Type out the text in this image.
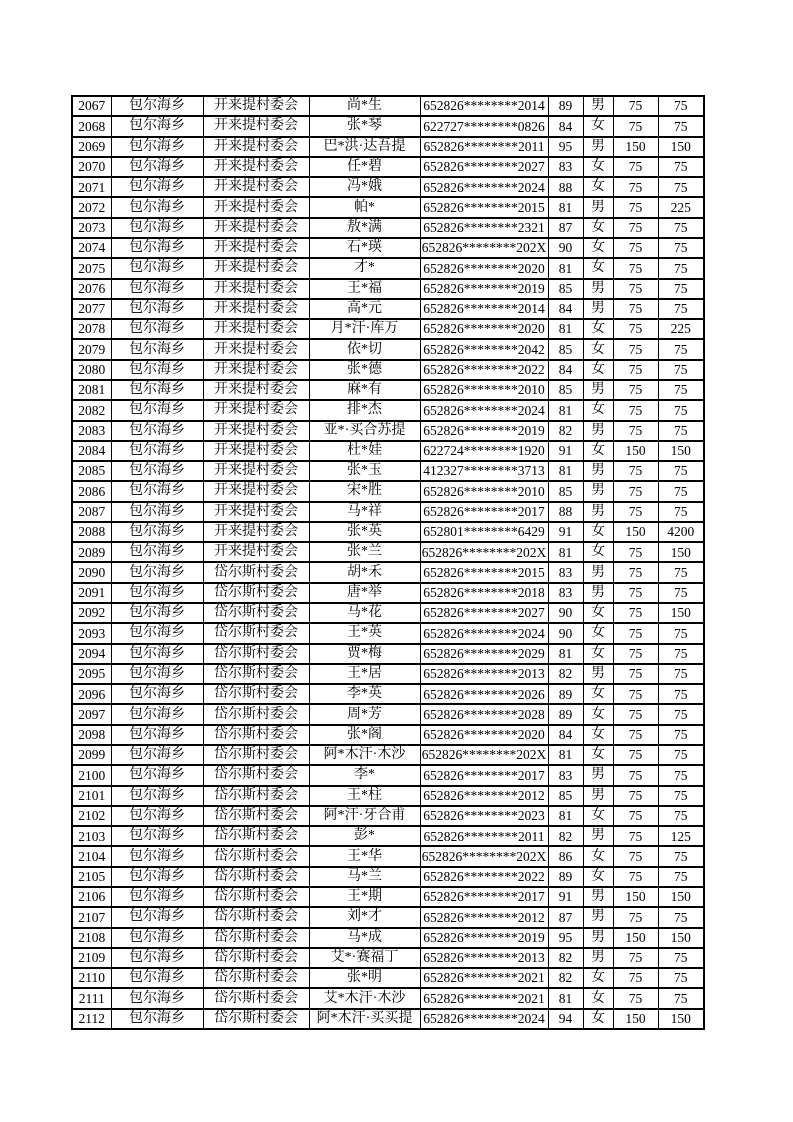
2067	包尔海乡	开来提村委会	尚*生	652826********2014	89	男	75	75
2068	包尔海乡	开来提村委会	张*琴	622727********0826	84	女	75	75
2069	包尔海乡	开来提村委会	巴*洪·达吾提	652826********2011	95	男	150	150
2070	包尔海乡	开来提村委会	任*碧	652826********2027	83	女	75	75
2071	包尔海乡	开来提村委会	冯*娥	652826********2024	88	女	75	75
2072	包尔海乡	开来提村委会	帕*	652826********2015	81	男	75	225
2073	包尔海乡	开来提村委会	敖*满	652826********2321	87	女	75	75
2074	包尔海乡	开来提村委会	石*瑛	652826********202X	90	女	75	75
2075	包尔海乡	开来提村委会	才*	652826********2020	81	女	75	75
2076	包尔海乡	开来提村委会	王*福	652826********2019	85	男	75	75
2077	包尔海乡	开来提村委会	高*元	652826********2014	84	男	75	75
2078	包尔海乡	开来提村委会	月*汗·库万	652826********2020	81	女	75	225
2079	包尔海乡	开来提村委会	依*切	652826********2042	85	女	75	75
2080	包尔海乡	开来提村委会	张*德	652826********2022	84	女	75	75
2081	包尔海乡	开来提村委会	麻*有	652826********2010	85	男	75	75
2082	包尔海乡	开来提村委会	排*杰	652826********2024	81	女	75	75
2083	包尔海乡	开来提村委会	亚*·买合苏提	652826********2019	82	男	75	75
2084	包尔海乡	开来提村委会	杜*娃	622724********1920	91	女	150	150
2085	包尔海乡	开来提村委会	张*玉	412327********3713	81	男	75	75
2086	包尔海乡	开来提村委会	宋*胜	652826********2010	85	男	75	75
2087	包尔海乡	开来提村委会	马*祥	652826********2017	88	男	75	75
2088	包尔海乡	开来提村委会	张*英	652801********6429	91	女	150	4200
2089	包尔海乡	开来提村委会	张*兰	652826********202X	81	女	75	150
2090	包尔海乡	岱尔斯村委会	胡*禾	652826********2015	83	男	75	75
2091	包尔海乡	岱尔斯村委会	唐*举	652826********2018	83	男	75	75
2092	包尔海乡	岱尔斯村委会	马*花	652826********2027	90	女	75	150
2093	包尔海乡	岱尔斯村委会	王*英	652826********2024	90	女	75	75
2094	包尔海乡	岱尔斯村委会	贾*梅	652826********2029	81	女	75	75
2095	包尔海乡	岱尔斯村委会	王*居	652826********2013	82	男	75	75
2096	包尔海乡	岱尔斯村委会	李*英	652826********2026	89	女	75	75
2097	包尔海乡	岱尔斯村委会	周*芳	652826********2028	89	女	75	75
2098	包尔海乡	岱尔斯村委会	张*阁	652826********2020	84	女	75	75
2099	包尔海乡	岱尔斯村委会	阿*木汗·木沙	652826********202X	81	女	75	75
2100	包尔海乡	岱尔斯村委会	李*	652826********2017	83	男	75	75
2101	包尔海乡	岱尔斯村委会	王*柱	652826********2012	85	男	75	75
2102	包尔海乡	岱尔斯村委会	阿*汗·牙合甫	652826********2023	81	女	75	75
2103	包尔海乡	岱尔斯村委会	彭*	652826********2011	82	男	75	125
2104	包尔海乡	岱尔斯村委会	王*华	652826********202X	86	女	75	75
2105	包尔海乡	岱尔斯村委会	马*兰	652826********2022	89	女	75	75
2106	包尔海乡	岱尔斯村委会	王*期	652826********2017	91	男	150	150
2107	包尔海乡	岱尔斯村委会	刘*才	652826********2012	87	男	75	75
2108	包尔海乡	岱尔斯村委会	马*成	652826********2019	95	男	150	150
2109	包尔海乡	岱尔斯村委会	艾*·赛福丁	652826********2013	82	男	75	75
2110	包尔海乡	岱尔斯村委会	张*明	652826********2021	82	女	75	75
2111	包尔海乡	岱尔斯村委会	艾*木汗·木沙	652826********2021	81	女	75	75
2112	包尔海乡	岱尔斯村委会	阿*木汗·买买提	652826********2024	94	女	150	150
